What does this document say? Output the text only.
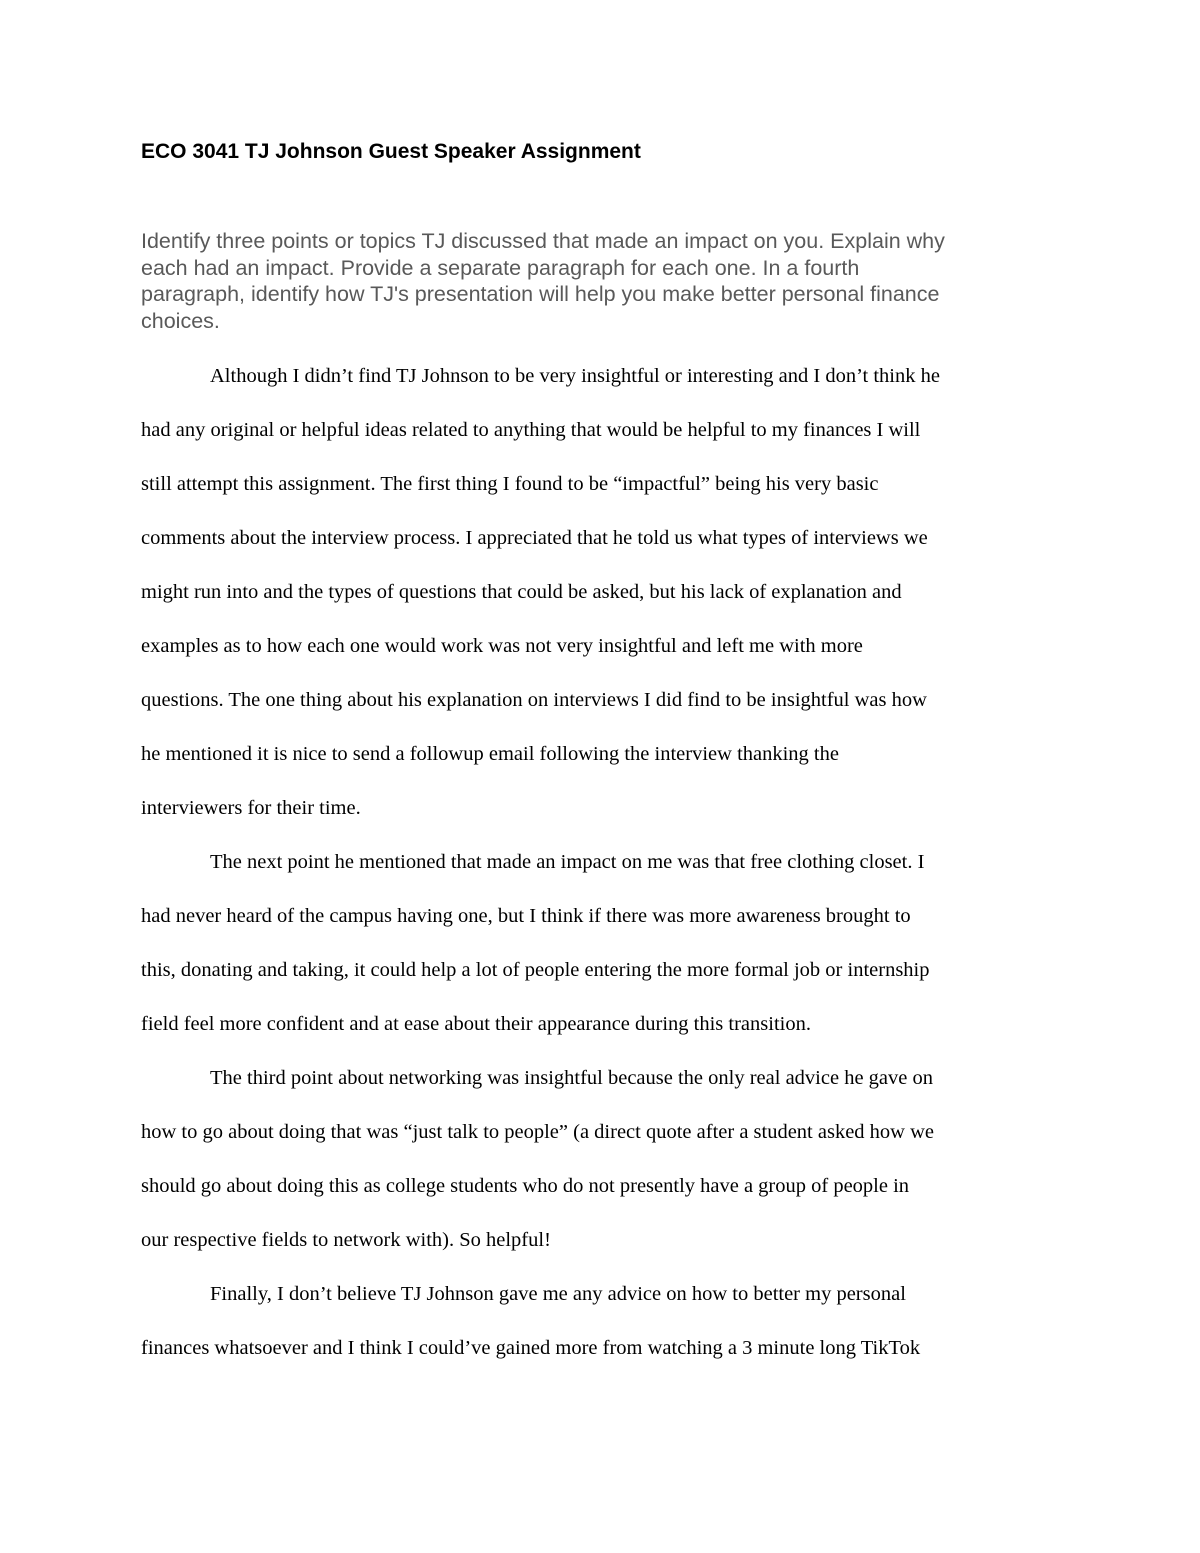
ECO 3041 TJ Johnson Guest Speaker Assignment
Identify three points or topics TJ discussed that made an impact on you. Explain why
each had an impact. Provide a separate paragraph for each one. In a fourth
paragraph, identify how TJ's presentation will help you make better personal finance
choices.
Although I didn’t find TJ Johnson to be very insightful or interesting and I don’t think he
had any original or helpful ideas related to anything that would be helpful to my finances I will
still attempt this assignment. The first thing I found to be “impactful” being his very basic
comments about the interview process. I appreciated that he told us what types of interviews we
might run into and the types of questions that could be asked, but his lack of explanation and
examples as to how each one would work was not very insightful and left me with more
questions. The one thing about his explanation on interviews I did find to be insightful was how
he mentioned it is nice to send a followup email following the interview thanking the
interviewers for their time.
The next point he mentioned that made an impact on me was that free clothing closet. I
had never heard of the campus having one, but I think if there was more awareness brought to
this, donating and taking, it could help a lot of people entering the more formal job or internship
field feel more confident and at ease about their appearance during this transition.
The third point about networking was insightful because the only real advice he gave on
how to go about doing that was “just talk to people” (a direct quote after a student asked how we
should go about doing this as college students who do not presently have a group of people in
our respective fields to network with). So helpful!
Finally, I don’t believe TJ Johnson gave me any advice on how to better my personal
finances whatsoever and I think I could’ve gained more from watching a 3 minute long TikTok
